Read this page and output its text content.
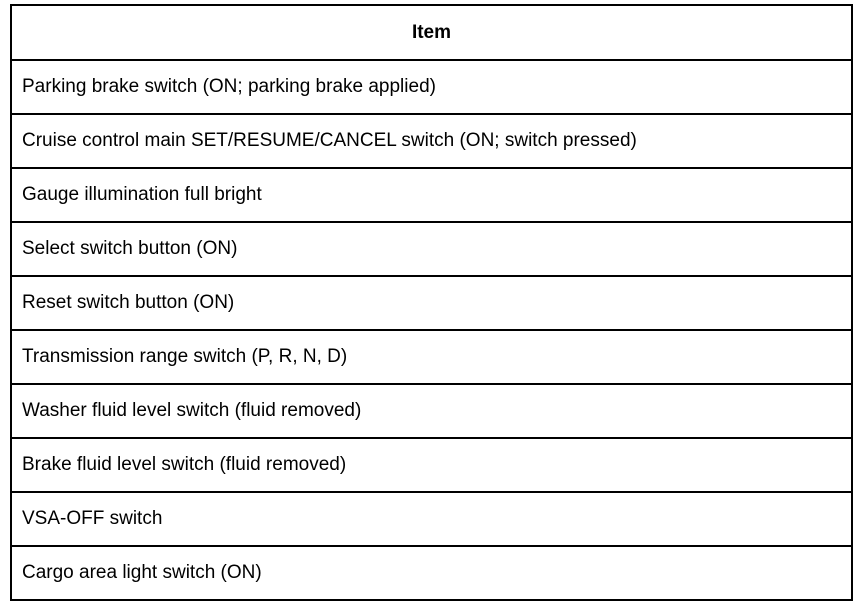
Item
Parking brake switch (ON; parking brake applied)
Cruise control main SET/RESUME/CANCEL switch (ON; switch pressed)
Gauge illumination full bright
Select switch button (ON)
Reset switch button (ON)
Transmission range switch (P, R, N, D)
Washer fluid level switch (fluid removed)
Brake fluid level switch (fluid removed)
VSA-OFF switch
Cargo area light switch (ON)
